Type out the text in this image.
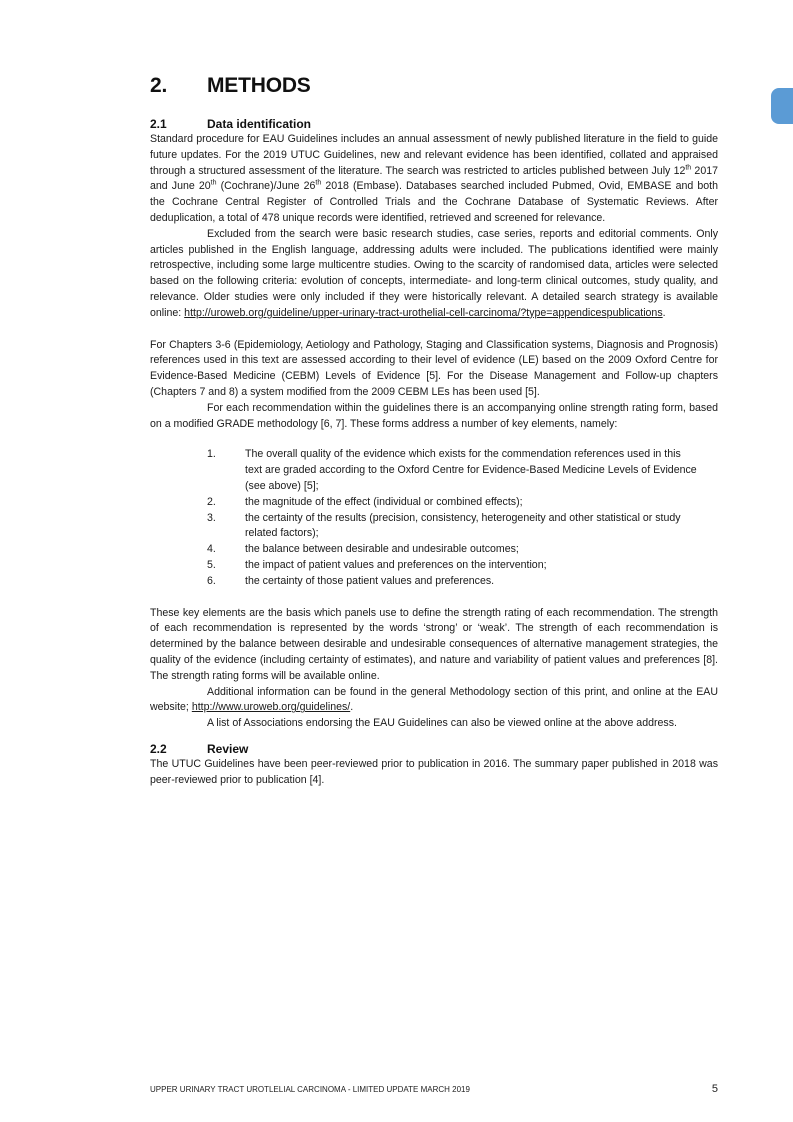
2. METHODS
2.1	Data identification

Standard procedure for EAU Guidelines includes an annual assessment of newly published literature in the field to guide future updates. For the 2019 UTUC Guidelines, new and relevant evidence has been identified, collated and appraised through a structured assessment of the literature. The search was restricted to articles published between July 12th 2017 and June 20th (Cochrane)/June 26th 2018 (Embase). Databases searched included Pubmed, Ovid, EMBASE and both the Cochrane Central Register of Controlled Trials and the Cochrane Database of Systematic Reviews. After deduplication, a total of 478 unique records were identified, retrieved and screened for relevance.

Excluded from the search were basic research studies, case series, reports and editorial comments. Only articles published in the English language, addressing adults were included. The publications identified were mainly retrospective, including some large multicentre studies. Owing to the scarcity of randomised data, articles were selected based on the following criteria: evolution of concepts, intermediate- and long-term clinical outcomes, study quality, and relevance. Older studies were only included if they were historically relevant. A detailed search strategy is available online: http://uroweb.org/guideline/upper-urinary-tract-urothelial-cell-carcinoma/?type=appendicespublications.

For Chapters 3-6 (Epidemiology, Aetiology and Pathology, Staging and Classification systems, Diagnosis and Prognosis) references used in this text are assessed according to their level of evidence (LE) based on the 2009 Oxford Centre for Evidence-Based Medicine (CEBM) Levels of Evidence [5]. For the Disease Management and Follow-up chapters (Chapters 7 and 8) a system modified from the 2009 CEBM LEs has been used [5].

For each recommendation within the guidelines there is an accompanying online strength rating form, based on a modified GRADE methodology [6, 7]. These forms address a number of key elements, namely:

1.	The overall quality of the evidence which exists for the commendation references used in this text are graded according to the Oxford Centre for Evidence-Based Medicine Levels of Evidence (see above) [5];
2.	the magnitude of the effect (individual or combined effects);
3.	the certainty of the results (precision, consistency, heterogeneity and other statistical or study related factors);
4.	the balance between desirable and undesirable outcomes;
5.	the impact of patient values and preferences on the intervention;
6.	the certainty of those patient values and preferences.

These key elements are the basis which panels use to define the strength rating of each recommendation. The strength of each recommendation is represented by the words ‘strong’ or ‘weak’. The strength of each recommendation is determined by the balance between desirable and undesirable consequences of alternative management strategies, the quality of the evidence (including certainty of estimates), and nature and variability of patient values and preferences [8]. The strength rating forms will be available online.

Additional information can be found in the general Methodology section of this print, and online at the EAU website; http://www.uroweb.org/guidelines/.

A list of Associations endorsing the EAU Guidelines can also be viewed online at the above address.

2.2	Review

The UTUC Guidelines have been peer-reviewed prior to publication in 2016. The summary paper published in 2018 was peer-reviewed prior to publication [4].

UPPER URINARY TRACT UROTLELIAL CARCINOMA - LIMITED UPDATE MARCH 2019	5
